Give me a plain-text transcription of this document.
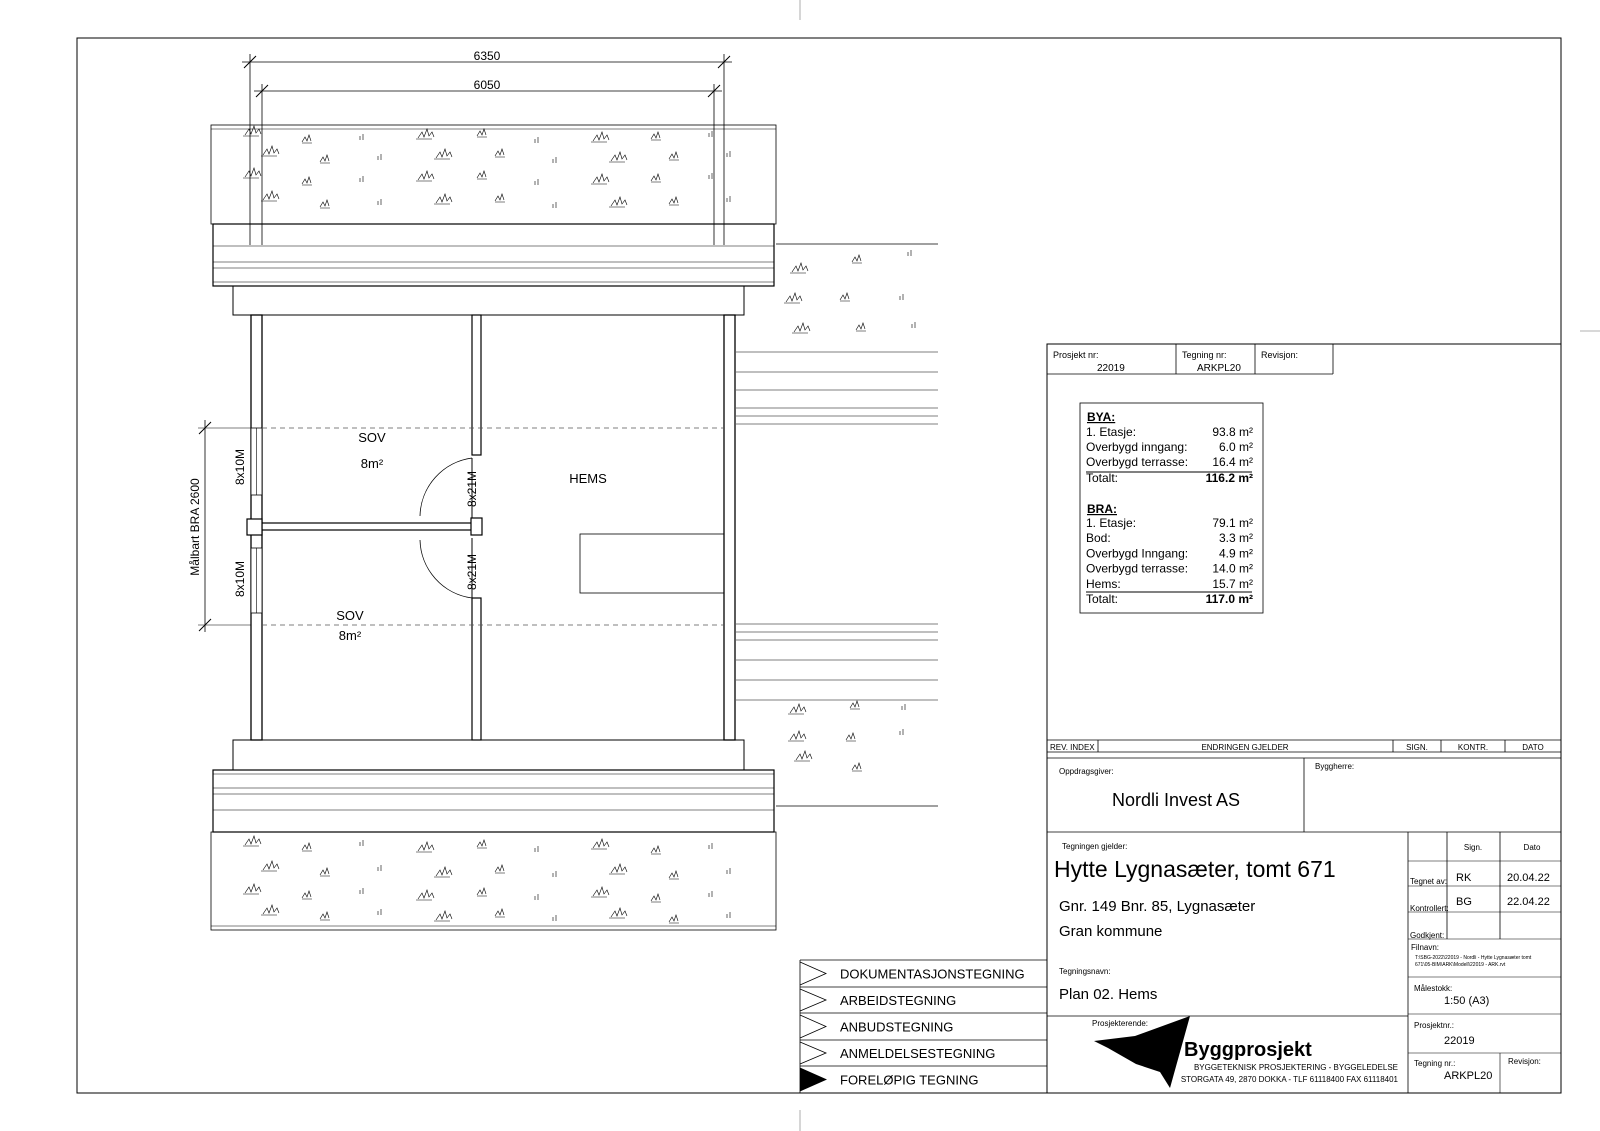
6350
6050
Målbart BRA 2600
8x10M
8x10M
8x21M
8x21M
SOV
8m²
HEMS
SOV
8m²
Prosjekt nr:
22019
Tegning nr:
ARKPL20
Revisjon:
BYA:
1. Etasje:	93.8 m²
Overbygd inngang:	6.0 m²
Overbygd terrasse: 16.4 m²
Totalt:	116.2 m²
BRA:
1. Etasje:	79.1 m²
Bod:	3.3 m²
Overbygd Inngang:	4.9 m²
Overbygd terrasse: 14.0 m²
Hems:	15.7 m²
Totalt:	117.0 m²
REV. INDEX	ENDRINGEN GJELDER	SIGN.	KONTR.	DATO
Oppdragsgiver:
Nordli Invest AS
Byggherre:
Tegningen gjelder:
Hytte Lygnasæter, tomt 671
Gnr. 149 Bnr. 85, Lygnasæter
Gran kommune
Tegningsnavn:
Plan 02. Hems
Sign.	Dato
Tegnet av: RK	20.04.22
Kontrollert:
BG	22.04.22
Godkjent:
Filnavn:
T:\SBG-2022\22019 - Nordli - Hytte Lygnasæter tomt
671\05-BIM\ARK\Modell\22019 - ARK.rvt
Målestokk:
1:50 (A3)
Prosjektnr.:
22019
Tegning nr.:
ARKPL20
Revisjon:
Prosjekterende:
SBG Byggprosjekt
BYGGETEKNISK PROSJEKTERING - BYGGELEDELSE
STORGATA 49, 2870 DOKKA - TLF 61118400 FAX 61118401
DOKUMENTASJONSTEGNING
ARBEIDSTEGNING
ANBUDSTEGNING
ANMELDELSESTEGNING
FORELØPIG TEGNING
